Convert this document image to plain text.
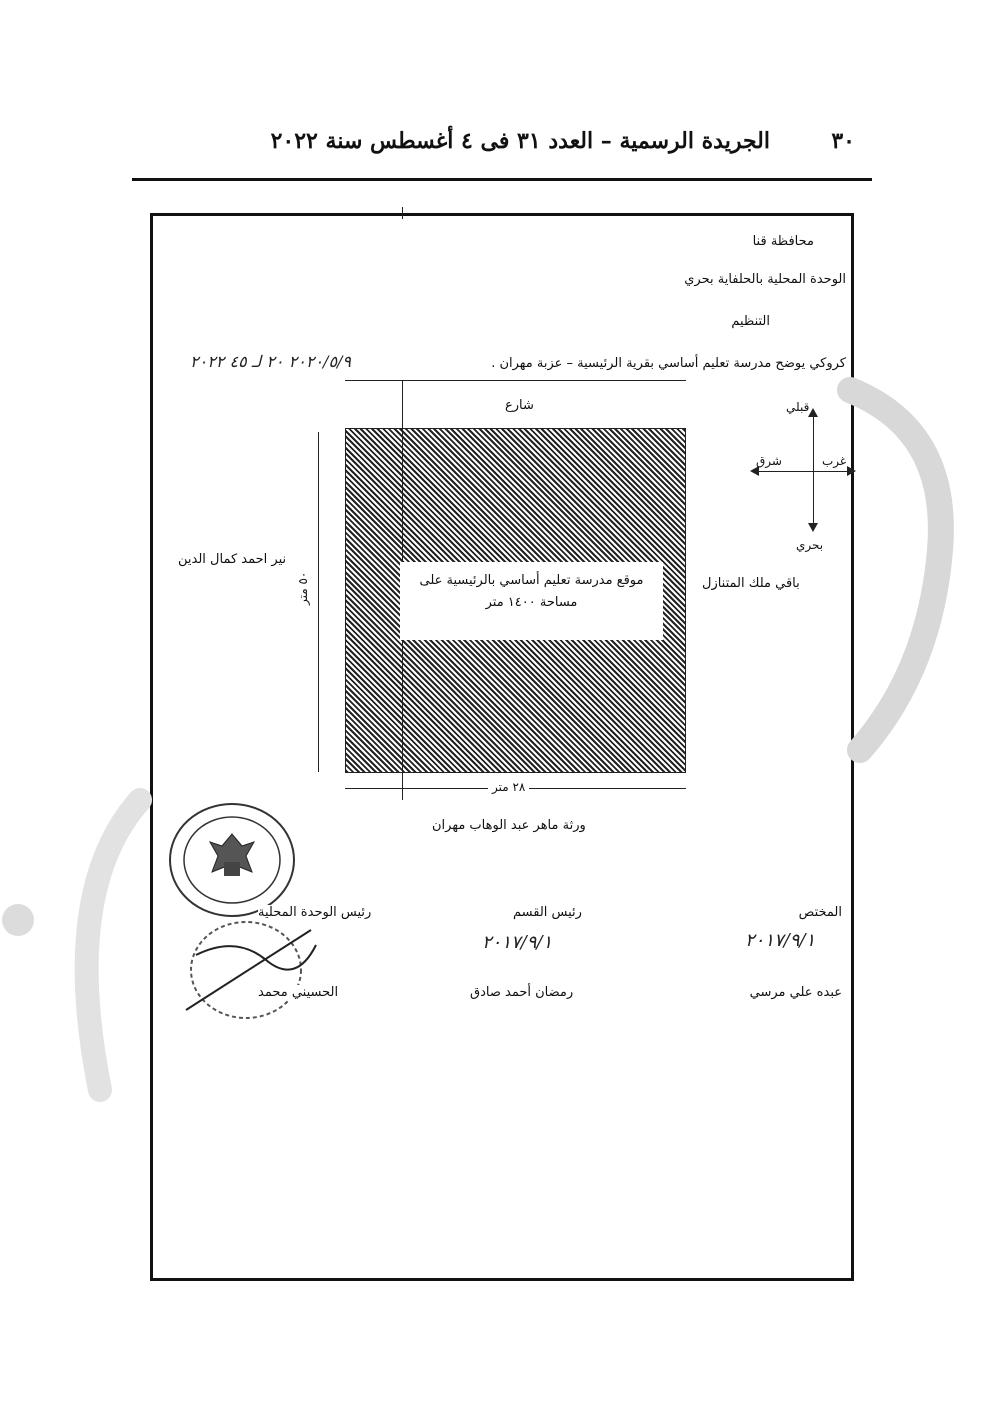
الجريدة الرسمية – العدد ٣١ فى ٤ أغسطس سنة ٢٠٢٢	٣٠
محافظة قنا
الوحدة المحلية بالحلفاية بحري
التنظيم
كروكي يوضح مدرسة تعليم أساسي بقرية الرئيسية – عزبة مهران .
٢٠٢٠/٥/٩ ٢٠ لـ ٤٥ ٢٠٢٢
شارع
موقع مدرسة تعليم أساسي بالرئيسية على
مساحة ١٤٠٠ متر
باقي ملك المتنازل
نير احمد كمال الدين
٥٠ متر
٢٨ متر
ورثة ماهر عبد الوهاب مهران
قبلي
بحري
شرق	غرب
المختص
٢٠١٧/٩/١
عبده علي مرسي
رئيس القسم
٢٠١٧/٩/١
رمضان أحمد صادق
رئيس الوحدة المحلية
الحسيني محمد
